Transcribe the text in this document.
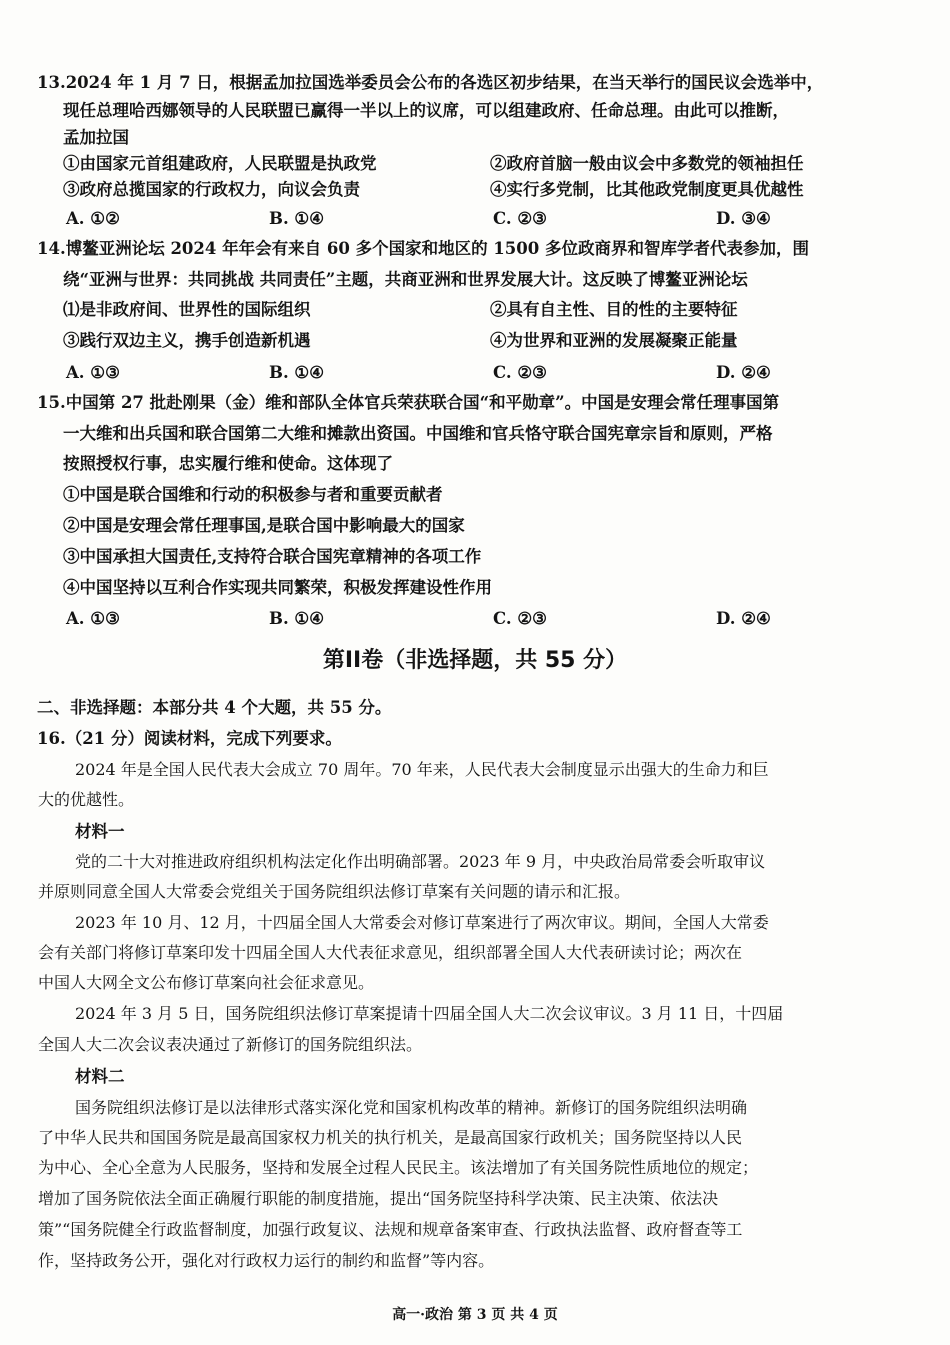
13.2024 年 1 月 7 日，根据孟加拉国选举委员会公布的各选区初步结果，在当天举行的国民议会选举中，
现任总理哈西娜领导的人民联盟已赢得一半以上的议席，可以组建政府、任命总理。由此可以推断，
孟加拉国
①由国家元首组建政府，人民联盟是执政党	②政府首脑一般由议会中多数党的领袖担任
③政府总揽国家的行政权力，向议会负责	④实行多党制，比其他政党制度更具优越性
A. ①②	B. ①④	C. ②③	D. ③④
14.博鳌亚洲论坛 2024 年年会有来自 60 多个国家和地区的 1500 多位政商界和智库学者代表参加，围
绕“亚洲与世界：共同挑战 共同责任”主题，共商亚洲和世界发展大计。这反映了博鳌亚洲论坛
⑴是非政府间、世界性的国际组织	②具有自主性、目的性的主要特征
③践行双边主义，携手创造新机遇	④为世界和亚洲的发展凝聚正能量
A. ①③	B. ①④	C. ②③	D. ②④
15.中国第 27 批赴刚果（金）维和部队全体官兵荣获联合国“和平勋章”。中国是安理会常任理事国第
一大维和出兵国和联合国第二大维和摊款出资国。中国维和官兵恪守联合国宪章宗旨和原则，严格
按照授权行事，忠实履行维和使命。这体现了
①中国是联合国维和行动的积极参与者和重要贡献者
②中国是安理会常任理事国,是联合国中影响最大的国家
③中国承担大国责任,支持符合联合国宪章精神的各项工作
④中国坚持以互利合作实现共同繁荣，积极发挥建设性作用
A. ①③	B. ①④	C. ②③	D. ②④
第II卷（非选择题，共 55 分）
二、非选择题：本部分共 4 个大题，共 55 分。
16.（21 分）阅读材料，完成下列要求。
2024 年是全国人民代表大会成立 70 周年。70 年来，人民代表大会制度显示出强大的生命力和巨
大的优越性。
材料一
党的二十大对推进政府组织机构法定化作出明确部署。2023 年 9 月，中央政治局常委会听取审议
并原则同意全国人大常委会党组关于国务院组织法修订草案有关问题的请示和汇报。
2023 年 10 月、12 月，十四届全国人大常委会对修订草案进行了两次审议。期间，全国人大常委
会有关部门将修订草案印发十四届全国人大代表征求意见，组织部署全国人大代表研读讨论；两次在
中国人大网全文公布修订草案向社会征求意见。
2024 年 3 月 5 日，国务院组织法修订草案提请十四届全国人大二次会议审议。3 月 11 日，十四届
全国人大二次会议表决通过了新修订的国务院组织法。
材料二
国务院组织法修订是以法律形式落实深化党和国家机构改革的精神。新修订的国务院组织法明确
了中华人民共和国国务院是最高国家权力机关的执行机关，是最高国家行政机关；国务院坚持以人民
为中心、全心全意为人民服务，坚持和发展全过程人民民主。该法增加了有关国务院性质地位的规定；
增加了国务院依法全面正确履行职能的制度措施，提出“国务院坚持科学决策、民主决策、依法决
策”“国务院健全行政监督制度，加强行政复议、法规和规章备案审查、行政执法监督、政府督查等工
作，坚持政务公开，强化对行政权力运行的制约和监督”等内容。
高一·政治 第 3 页 共 4 页
